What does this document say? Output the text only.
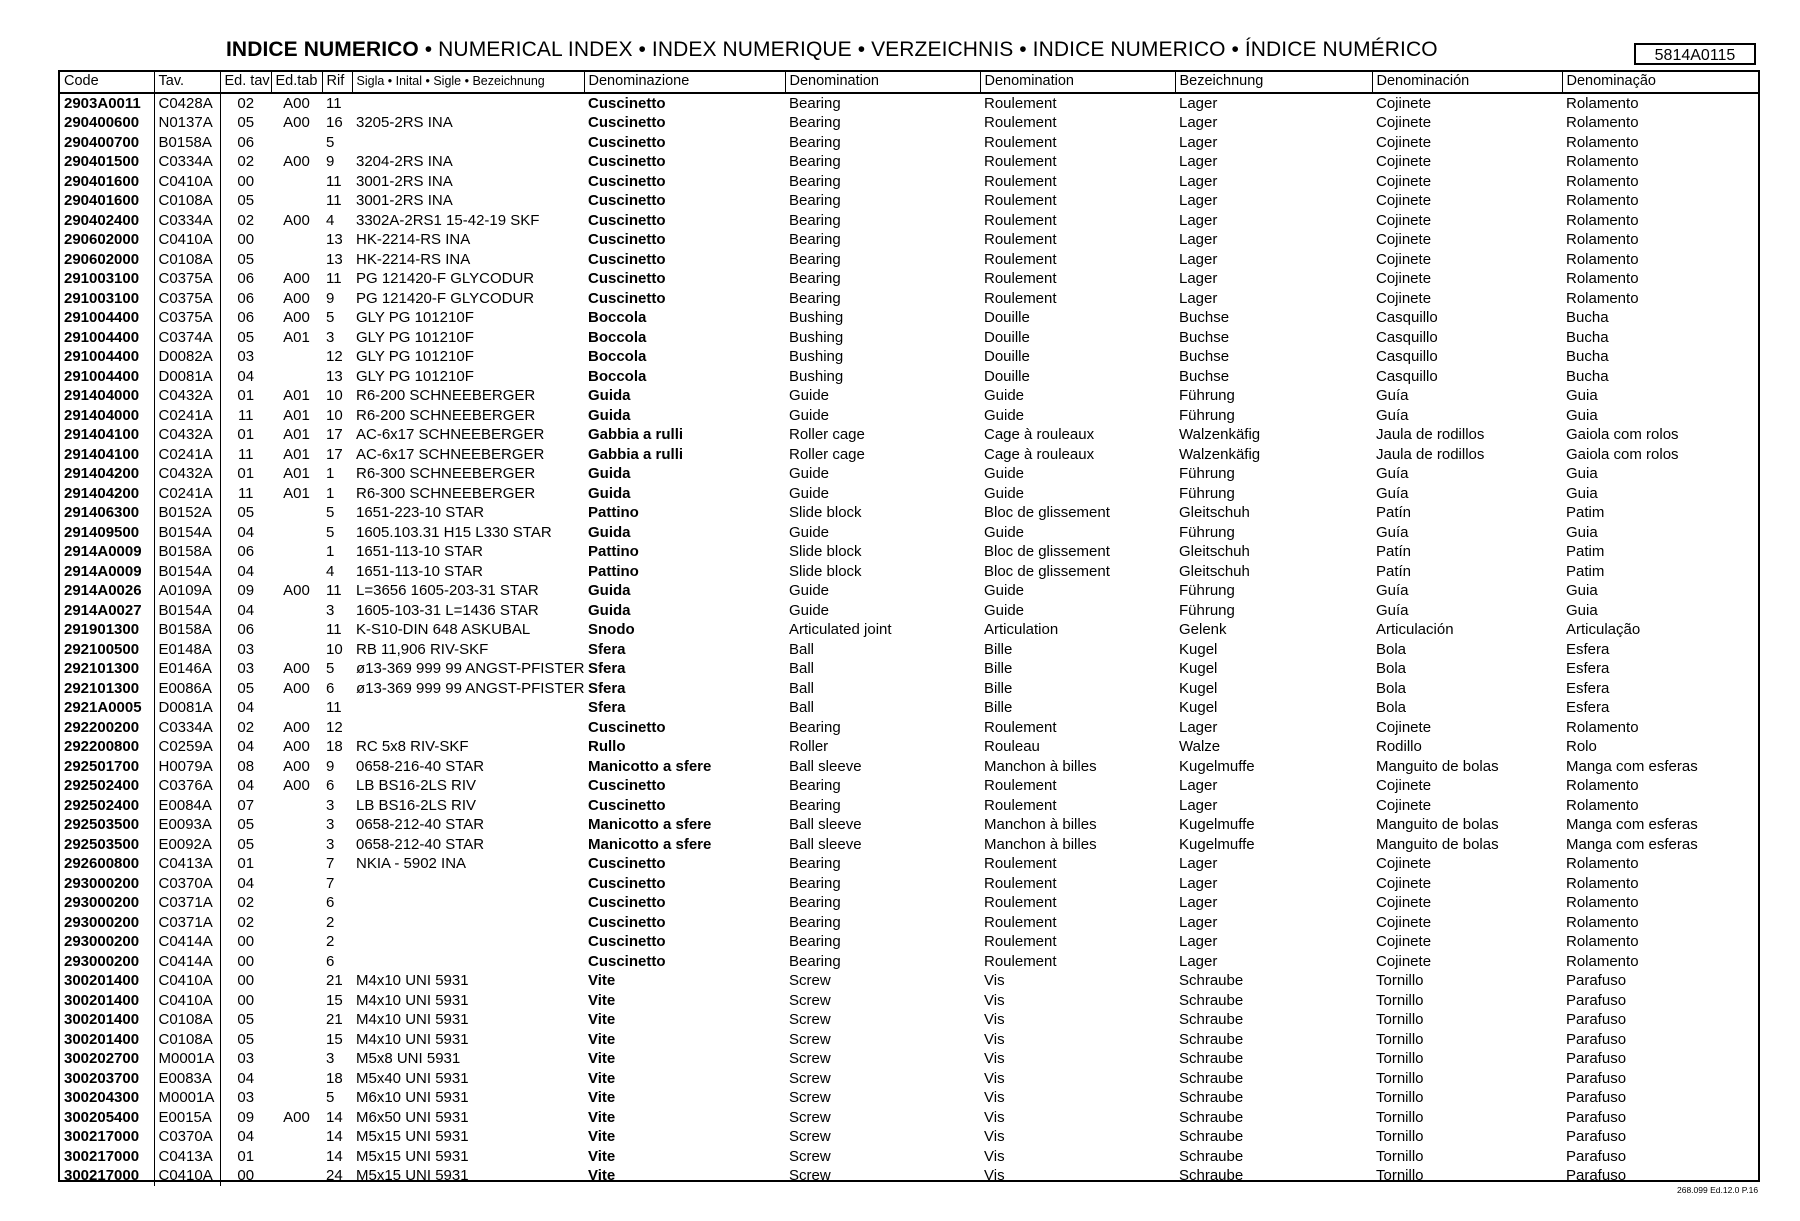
INDICE NUMERICO • NUMERICAL INDEX • INDEX NUMERIQUE • VERZEICHNIS • INDICE NUMERICO • ÍNDICE NUMÉRICO	5814A0115
Code	Tav.	Ed. tav	Ed.tab	Rif	Sigla • Inital • Sigle • Bezeichnung	Denominazione	Denomination	Denomination	Bezeichnung	Denominación	Denominação
2903A0011	C0428A	02	A00	11		Cuscinetto	Bearing	Roulement	Lager	Cojinete	Rolamento
290400600	N0137A	05	A00	16	3205-2RS INA	Cuscinetto	Bearing	Roulement	Lager	Cojinete	Rolamento
290400700	B0158A	06		5		Cuscinetto	Bearing	Roulement	Lager	Cojinete	Rolamento
290401500	C0334A	02	A00	9	3204-2RS INA	Cuscinetto	Bearing	Roulement	Lager	Cojinete	Rolamento
290401600	C0410A	00		11	3001-2RS INA	Cuscinetto	Bearing	Roulement	Lager	Cojinete	Rolamento
290401600	C0108A	05		11	3001-2RS INA	Cuscinetto	Bearing	Roulement	Lager	Cojinete	Rolamento
290402400	C0334A	02	A00	4	3302A-2RS1 15-42-19 SKF	Cuscinetto	Bearing	Roulement	Lager	Cojinete	Rolamento
290602000	C0410A	00		13	HK-2214-RS INA	Cuscinetto	Bearing	Roulement	Lager	Cojinete	Rolamento
290602000	C0108A	05		13	HK-2214-RS INA	Cuscinetto	Bearing	Roulement	Lager	Cojinete	Rolamento
291003100	C0375A	06	A00	11	PG 121420-F GLYCODUR	Cuscinetto	Bearing	Roulement	Lager	Cojinete	Rolamento
291003100	C0375A	06	A00	9	PG 121420-F GLYCODUR	Cuscinetto	Bearing	Roulement	Lager	Cojinete	Rolamento
291004400	C0375A	06	A00	5	GLY PG 101210F	Boccola	Bushing	Douille	Buchse	Casquillo	Bucha
291004400	C0374A	05	A01	3	GLY PG 101210F	Boccola	Bushing	Douille	Buchse	Casquillo	Bucha
291004400	D0082A	03		12	GLY PG 101210F	Boccola	Bushing	Douille	Buchse	Casquillo	Bucha
291004400	D0081A	04		13	GLY PG 101210F	Boccola	Bushing	Douille	Buchse	Casquillo	Bucha
291404000	C0432A	01	A01	10	R6-200 SCHNEEBERGER	Guida	Guide	Guide	Führung	Guía	Guia
291404000	C0241A	11	A01	10	R6-200 SCHNEEBERGER	Guida	Guide	Guide	Führung	Guía	Guia
291404100	C0432A	01	A01	17	AC-6x17 SCHNEEBERGER	Gabbia a rulli	Roller cage	Cage à rouleaux	Walzenkäfig	Jaula de rodillos	Gaiola com rolos
291404100	C0241A	11	A01	17	AC-6x17 SCHNEEBERGER	Gabbia a rulli	Roller cage	Cage à rouleaux	Walzenkäfig	Jaula de rodillos	Gaiola com rolos
291404200	C0432A	01	A01	1	R6-300 SCHNEEBERGER	Guida	Guide	Guide	Führung	Guía	Guia
291404200	C0241A	11	A01	1	R6-300 SCHNEEBERGER	Guida	Guide	Guide	Führung	Guía	Guia
291406300	B0152A	05		5	1651-223-10 STAR	Pattino	Slide block	Bloc de glissement	Gleitschuh	Patín	Patim
291409500	B0154A	04		5	1605.103.31 H15 L330 STAR	Guida	Guide	Guide	Führung	Guía	Guia
2914A0009	B0158A	06		1	1651-113-10 STAR	Pattino	Slide block	Bloc de glissement	Gleitschuh	Patín	Patim
2914A0009	B0154A	04		4	1651-113-10 STAR	Pattino	Slide block	Bloc de glissement	Gleitschuh	Patín	Patim
2914A0026	A0109A	09	A00	11	L=3656 1605-203-31 STAR	Guida	Guide	Guide	Führung	Guía	Guia
2914A0027	B0154A	04		3	1605-103-31 L=1436 STAR	Guida	Guide	Guide	Führung	Guía	Guia
291901300	B0158A	06		11	K-S10-DIN 648 ASKUBAL	Snodo	Articulated joint	Articulation	Gelenk	Articulación	Articulação
292100500	E0148A	03		10	RB 11,906 RIV-SKF	Sfera	Ball	Bille	Kugel	Bola	Esfera
292101300	E0146A	03	A00	5	ø13-369 999 99 ANGST-PFISTER	Sfera	Ball	Bille	Kugel	Bola	Esfera
292101300	E0086A	05	A00	6	ø13-369 999 99 ANGST-PFISTER	Sfera	Ball	Bille	Kugel	Bola	Esfera
2921A0005	D0081A	04		11		Sfera	Ball	Bille	Kugel	Bola	Esfera
292200200	C0334A	02	A00	12		Cuscinetto	Bearing	Roulement	Lager	Cojinete	Rolamento
292200800	C0259A	04	A00	18	RC 5x8 RIV-SKF	Rullo	Roller	Rouleau	Walze	Rodillo	Rolo
292501700	H0079A	08	A00	9	0658-216-40 STAR	Manicotto a sfere	Ball sleeve	Manchon à billes	Kugelmuffe	Manguito de bolas	Manga com esferas
292502400	C0376A	04	A00	6	LB BS16-2LS RIV	Cuscinetto	Bearing	Roulement	Lager	Cojinete	Rolamento
292502400	E0084A	07		3	LB BS16-2LS RIV	Cuscinetto	Bearing	Roulement	Lager	Cojinete	Rolamento
292503500	E0093A	05		3	0658-212-40 STAR	Manicotto a sfere	Ball sleeve	Manchon à billes	Kugelmuffe	Manguito de bolas	Manga com esferas
292503500	E0092A	05		3	0658-212-40 STAR	Manicotto a sfere	Ball sleeve	Manchon à billes	Kugelmuffe	Manguito de bolas	Manga com esferas
292600800	C0413A	01		7	NKIA - 5902 INA	Cuscinetto	Bearing	Roulement	Lager	Cojinete	Rolamento
293000200	C0370A	04		7		Cuscinetto	Bearing	Roulement	Lager	Cojinete	Rolamento
293000200	C0371A	02		6		Cuscinetto	Bearing	Roulement	Lager	Cojinete	Rolamento
293000200	C0371A	02		2		Cuscinetto	Bearing	Roulement	Lager	Cojinete	Rolamento
293000200	C0414A	00		2		Cuscinetto	Bearing	Roulement	Lager	Cojinete	Rolamento
293000200	C0414A	00		6		Cuscinetto	Bearing	Roulement	Lager	Cojinete	Rolamento
300201400	C0410A	00		21	M4x10 UNI 5931	Vite	Screw	Vis	Schraube	Tornillo	Parafuso
300201400	C0410A	00		15	M4x10 UNI 5931	Vite	Screw	Vis	Schraube	Tornillo	Parafuso
300201400	C0108A	05		21	M4x10 UNI 5931	Vite	Screw	Vis	Schraube	Tornillo	Parafuso
300201400	C0108A	05		15	M4x10 UNI 5931	Vite	Screw	Vis	Schraube	Tornillo	Parafuso
300202700	M0001A	03		3	M5x8 UNI 5931	Vite	Screw	Vis	Schraube	Tornillo	Parafuso
300203700	E0083A	04		18	M5x40 UNI 5931	Vite	Screw	Vis	Schraube	Tornillo	Parafuso
300204300	M0001A	03		5	M6x10 UNI 5931	Vite	Screw	Vis	Schraube	Tornillo	Parafuso
300205400	E0015A	09	A00	14	M6x50 UNI 5931	Vite	Screw	Vis	Schraube	Tornillo	Parafuso
300217000	C0370A	04		14	M5x15 UNI 5931	Vite	Screw	Vis	Schraube	Tornillo	Parafuso
300217000	C0413A	01		14	M5x15 UNI 5931	Vite	Screw	Vis	Schraube	Tornillo	Parafuso
300217000	C0410A	00		24	M5x15 UNI 5931	Vite	Screw	Vis	Schraube	Tornillo	Parafuso
268.099 Ed.12.0 P.16
